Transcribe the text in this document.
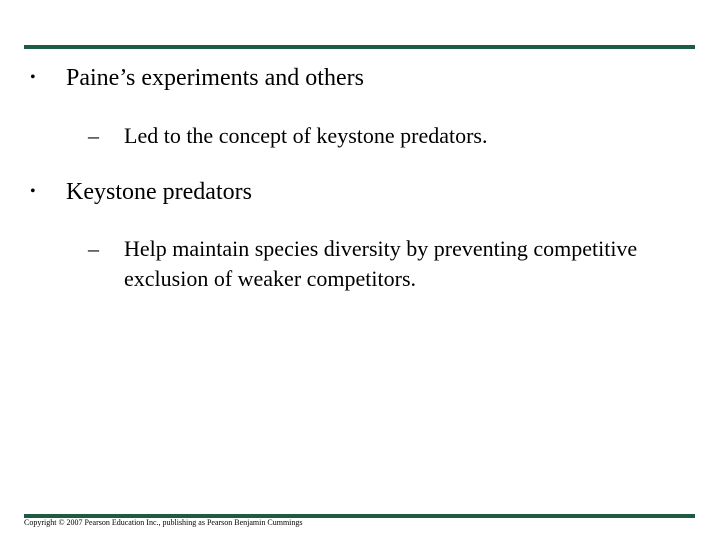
•	Paine’s experiments and others
–	Led to the concept of keystone predators.
•	Keystone predators
–	Help maintain species diversity by preventing competitive exclusion of weaker competitors.
Copyright © 2007 Pearson Education Inc., publishing as Pearson Benjamin Cummings
